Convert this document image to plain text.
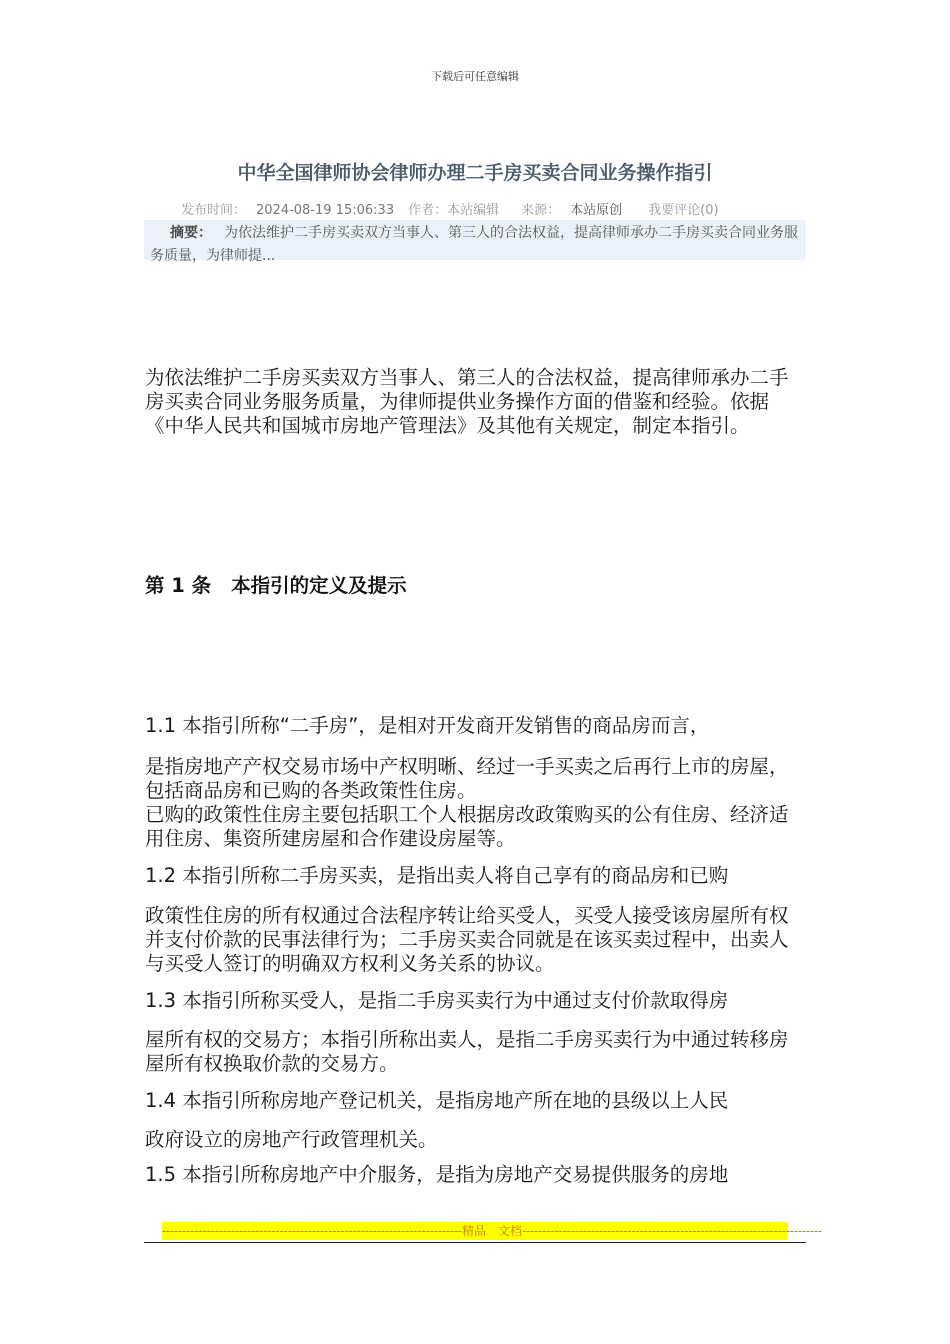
下载后可任意编辑
中华全国律师协会律师办理二手房买卖合同业务操作指引
发布时间： 2024-08-19 15:06:33 作者：本站编辑 来源： 本站原创 我要评论(0)
摘要： 为依法维护二手房买卖双方当事人、第三人的合法权益，提高律师承办二手房买卖合同业务服务质量，为律师提...
为依法维护二手房买卖双方当事人、第三人的合法权益，提高律师承办二手房买卖合同业务服务质量，为律师提供业务操作方面的借鉴和经验。依据《中华人民共和国城市房地产管理法》及其他有关规定，制定本指引。
第 1 条 本指引的定义及提示
1.1 本指引所称“二手房”，是相对开发商开发销售的商品房而言，
是指房地产产权交易市场中产权明晰、经过一手买卖之后再行上市的房屋，包括商品房和已购的各类政策性住房。
已购的政策性住房主要包括职工个人根据房改政策购买的公有住房、经济适用住房、集资所建房屋和合作建设房屋等。
1.2 本指引所称二手房买卖，是指出卖人将自己享有的商品房和已购
政策性住房的所有权通过合法程序转让给买受人，买受人接受该房屋所有权并支付价款的民事法律行为；二手房买卖合同就是在该买卖过程中，出卖人与买受人签订的明确双方权利义务关系的协议。
1.3 本指引所称买受人，是指二手房买卖行为中通过支付价款取得房
屋所有权的交易方；本指引所称出卖人，是指二手房买卖行为中通过转移房屋所有权换取价款的交易方。
1.4 本指引所称房地产登记机关，是指房地产所在地的县级以上人民
政府设立的房地产行政管理机关。
1.5 本指引所称房地产中介服务，是指为房地产交易提供服务的房地
--------------------------------------------------------------------------精品　文档--------------------------------------------------------------------------
